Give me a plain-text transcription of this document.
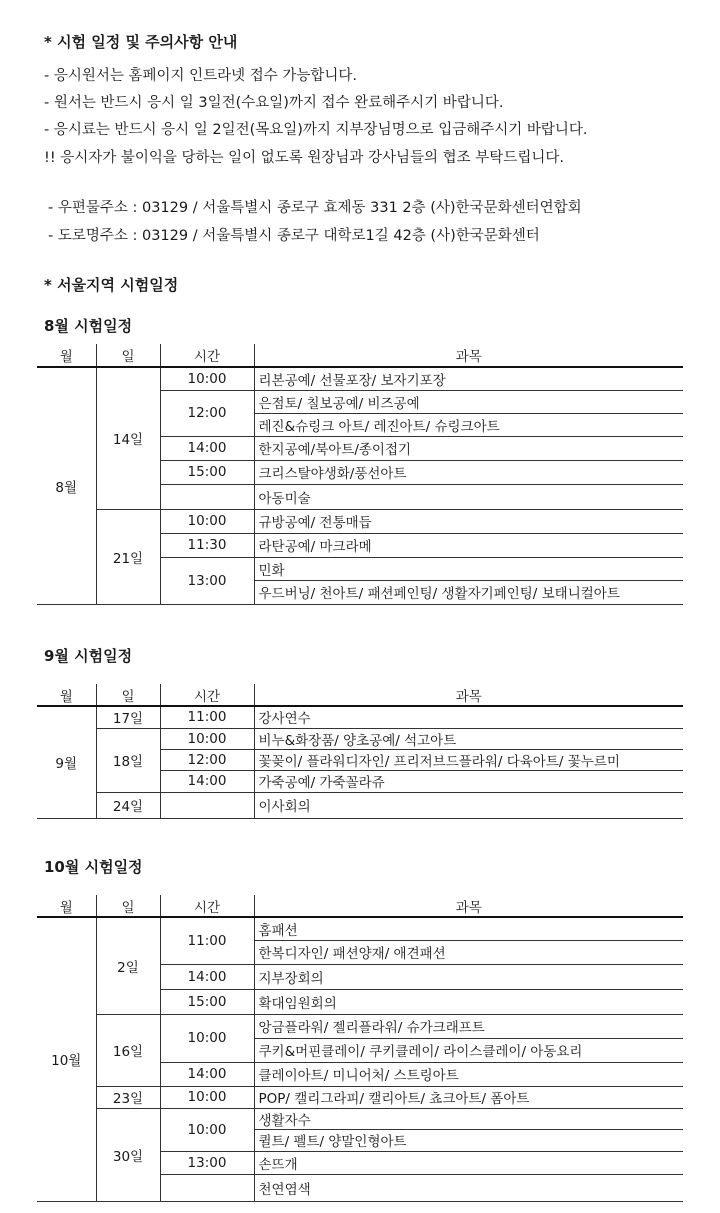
* 시험 일정 및 주의사항 안내
- 응시원서는 홈페이지 인트라넷 접수 가능합니다.
- 원서는 반드시 응시 일 3일전(수요일)까지 접수 완료해주시기 바랍니다.
- 응시료는 반드시 응시 일 2일전(목요일)까지 지부장님명으로 입금해주시기 바랍니다.
!! 응시자가 불이익을 당하는 일이 없도록 원장님과 강사님들의 협조 부탁드립니다.
- 우편물주소 : 03129 / 서울특별시 종로구 효제동 331 2층 (사)한국문화센터연합회
- 도로명주소 : 03129 / 서울특별시 종로구 대학로1길 42층 (사)한국문화센터
* 서울지역 시험일정
8월 시험일정
월	일	시간	과목
8월	14일	10:00	리본공예/ 선물포장/ 보자기포장
		12:00	은점토/ 칠보공예/ 비즈공예
			레진&슈링크 아트/ 레진아트/ 슈링크아트
		14:00	한지공예/북아트/종이접기
		15:00	크리스탈야생화/풍선아트
			아동미술
	21일	10:00	규방공예/ 전통매듭
		11:30	라탄공예/ 마크라메
		13:00	민화
			우드버닝/ 천아트/ 패션페인팅/ 생활자기페인팅/ 보태니컬아트
9월 시험일정
월	일	시간	과목
9월	17일	11:00	강사연수
	18일	10:00	비누&화장품/ 양초공예/ 석고아트
		12:00	꽃꽂이/ 플라워디자인/ 프리저브드플라워/ 다육아트/ 꽃누르미
		14:00	가죽공예/ 가죽꼴라쥬
	24일		이사회의
10월 시험일정
월	일	시간	과목
10월	2일	11:00	홈패션
			한복디자인/ 패션양재/ 애견패션
		14:00	지부장회의
		15:00	확대임원회의
	16일	10:00	앙금플라워/ 젤리플라워/ 슈가크래프트
			쿠키&머핀클레이/ 쿠키클레이/ 라이스클레이/ 아동요리
		14:00	클레이아트/ 미니어처/ 스트링아트
	23일	10:00	POP/ 캘리그라피/ 캘리아트/ 쵸크아트/ 폼아트
	30일	10:00	생활자수
			퀼트/ 펠트/ 양말인형아트
		13:00	손뜨개
			천연염색
